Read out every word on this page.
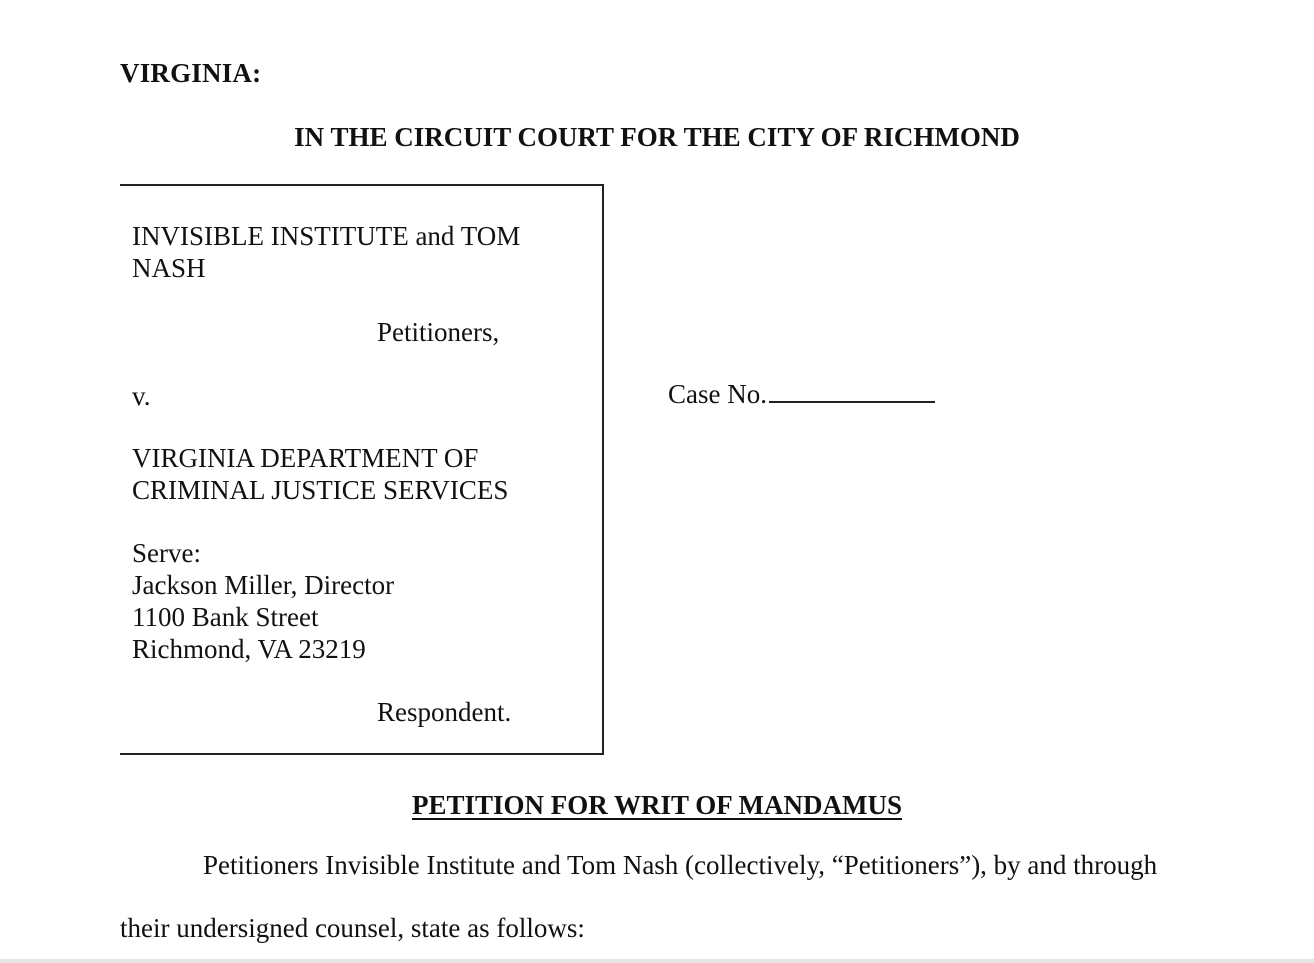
VIRGINIA:
IN THE CIRCUIT COURT FOR THE CITY OF RICHMOND
INVISIBLE INSTITUTE and TOM
NASH
Petitioners,
v.
VIRGINIA DEPARTMENT OF
CRIMINAL JUSTICE SERVICES
Serve:
Jackson Miller, Director
1100 Bank Street
Richmond, VA 23219
Respondent.
Case No.
PETITION FOR WRIT OF MANDAMUS
Petitioners Invisible Institute and Tom Nash (collectively, “Petitioners”), by and through
their undersigned counsel, state as follows:
